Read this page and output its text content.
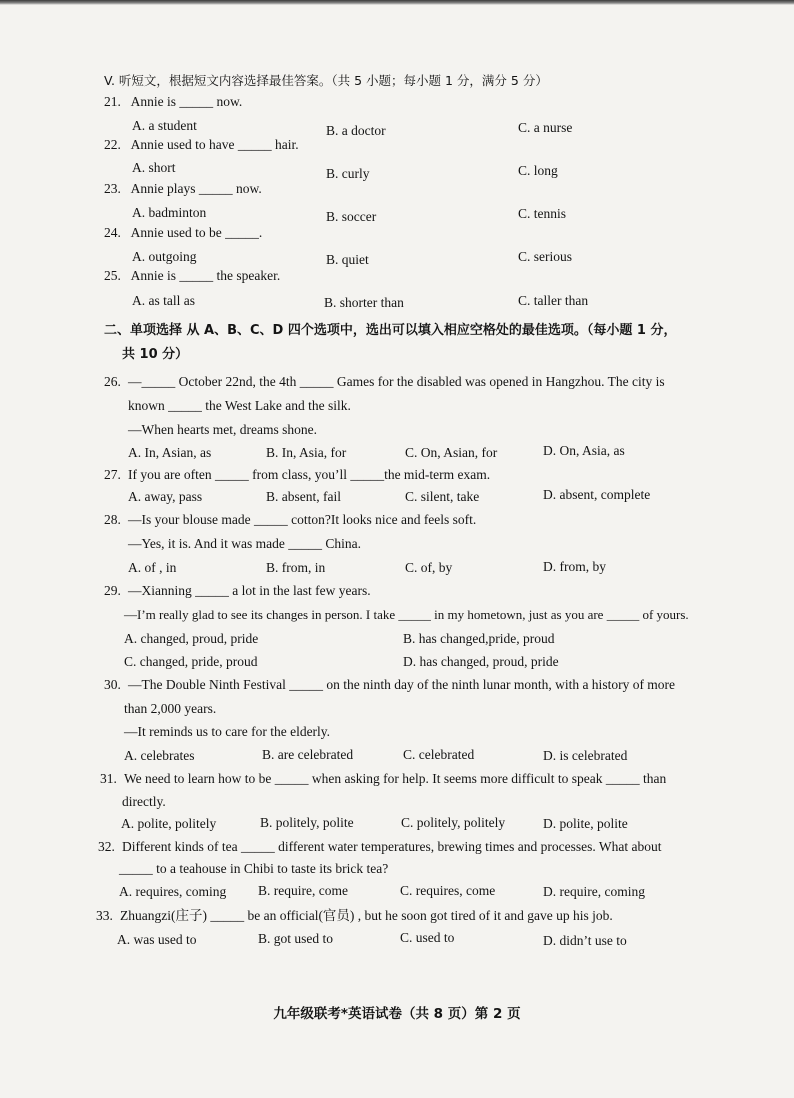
V. 听短文，根据短文内容选择最佳答案。（共 5 小题；每小题 1 分，满分 5 分）
21. Annie is _____ now.
A. a student	B. a doctor	C. a nurse
22. Annie used to have _____ hair.
A. short	B. curly	C. long
23. Annie plays _____ now.
A. badminton	B. soccer	C. tennis
24. Annie used to be _____.
A. outgoing	B. quiet	C. serious
25. Annie is _____ the speaker.
A. as tall as	B. shorter than	C. taller than
二、单项选择 从 A、B、C、D 四个选项中，选出可以填入相应空格处的最佳选项。（每小题 1 分，
共 10 分）
26. —_____ October 22nd, the 4th _____ Games for the disabled was opened in Hangzhou. The city is
known _____ the West Lake and the silk.
—When hearts met, dreams shone.
A. In, Asian, as	B. In, Asia, for	C. On, Asian, for	D. On, Asia, as
27. If you are often _____ from class, you’ll _____the mid-term exam.
A. away, pass	B. absent, fail	C. silent, take	D. absent, complete
28. —Is your blouse made _____ cotton?It looks nice and feels soft.
—Yes, it is. And it was made _____ China.
A. of , in	B. from, in	C. of, by	D. from, by
29. —Xianning _____ a lot in the last few years.
—I’m really glad to see its changes in person. I take _____ in my hometown, just as you are _____ of yours.
A. changed, proud, pride	B. has changed,pride, proud
C. changed, pride, proud	D. has changed, proud, pride
30. —The Double Ninth Festival _____ on the ninth day of the ninth lunar month, with a history of more
than 2,000 years.
—It reminds us to care for the elderly.
A. celebrates	B. are celebrated	C. celebrated	D. is celebrated
31. We need to learn how to be _____ when asking for help. It seems more difficult to speak _____ than
directly.
A. polite, politely	B. politely, polite	C. politely, politely	D. polite, polite
32. Different kinds of tea _____ different water temperatures, brewing times and processes. What about
_____ to a teahouse in Chibi to taste its brick tea?
A. requires, coming B. require, come	C. requires, come	D. require, coming
33. Zhuangzi(庄子) _____ be an official(官员) , but he soon got tired of it and gave up his job.
A. was used to	B. got used to	C. used to	D. didn’t use to
九年级联考*英语试卷（共 8 页）第 2 页
